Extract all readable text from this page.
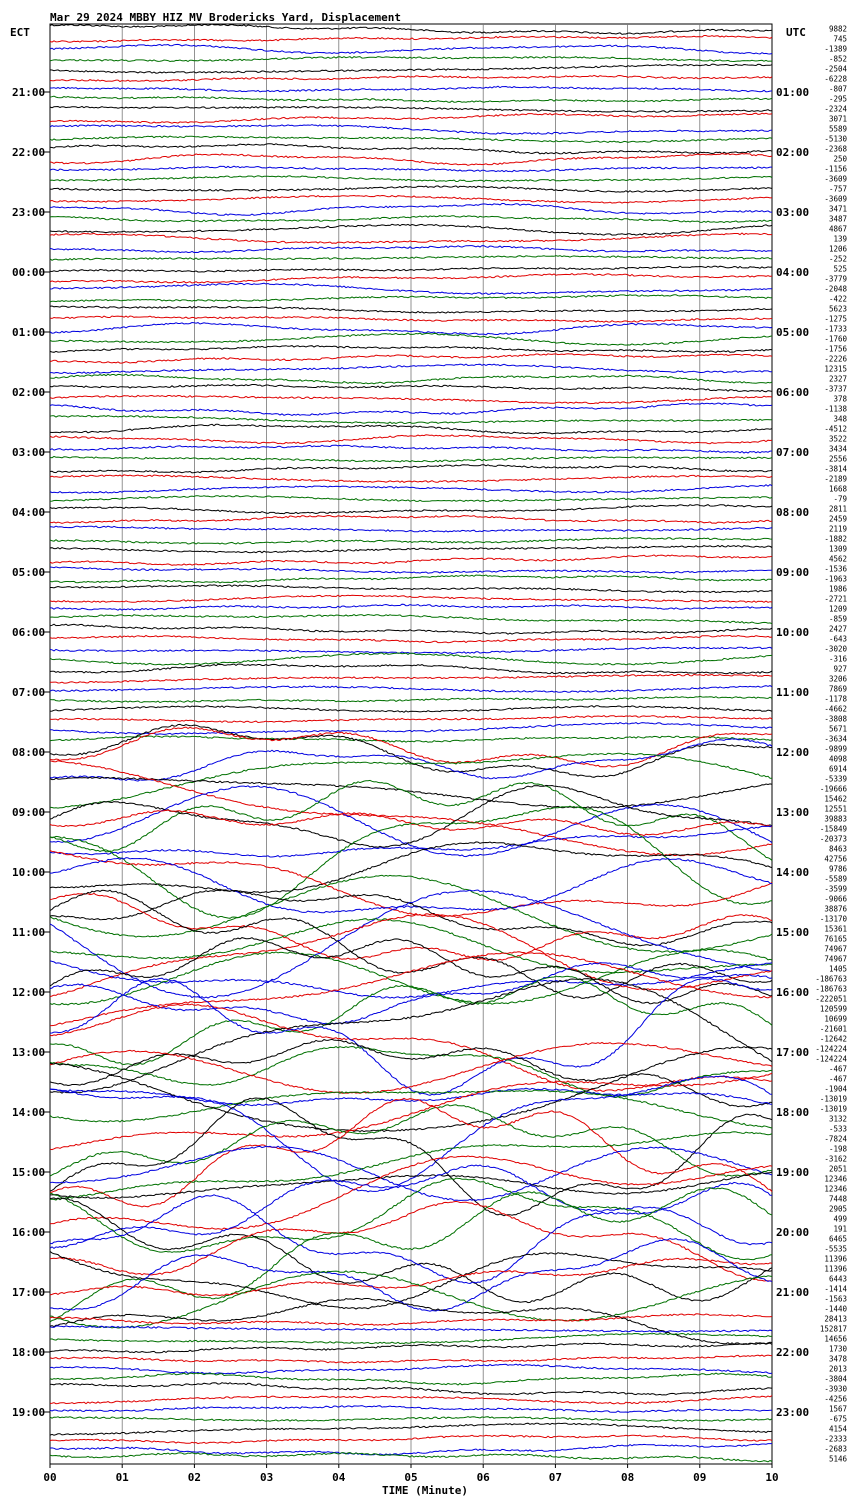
Mar 29 2024 MBBY HIZ MV Brodericks Yard, Displacement
ECT	UTC
21:00
22:00
23:00
00:00
01:00
02:00
03:00
04:00
05:00
06:00
07:00
08:00
09:00
10:00
11:00
12:00
13:00
14:00
15:00
16:00
17:00
18:00
19:00
01:00
02:00
03:00
04:00
05:00
06:00
07:00
08:00
09:00
10:00
11:00
12:00
13:00
14:00
15:00
16:00
17:00
18:00
19:00
20:00
21:00
22:00
23:00
9882
745
-1389
-852
-2504
-6228
-807
-295
-2324
3071
5589
-5130
-2368
250
-1156
-3609
-757
-3609
3471
3487
4867
139
1206
-252
525
-3779
-2048
-422
5623
-1275
-1733
-1760
-1756
-2226
12315
2327
-3737
378
-1138
348
-4512
3522
3434
2556
-3814
-2189
1668
-79
2811
2459
2119
-1882
1309
4562
-1536
-1963
1986
-2721
1209
-859
2427
-643
-3020
-316
927
3206
7869
-1178
-4662
-3808
5671
-3634
-9899
4098
6914
-5339
-19666
15462
12551
39883
-15849
-20373
8463
42756
9786
-5589
-3599
-9066
38876
-13170
15361
76165
74967
74967
1405
-186763
-186763
-222051
120599
10699
-21601
-12642
-124224
-124224
-467
-467
-1904
-13019
-13019
3132
-533
-7824
-198
-3162
2051
12346
12346
7448
2905
499
191
6465
-5535
11396
11396
6443
-1414
-1563
-1440
28413
152817
14656
1730
3478
2013
-3804
-3930
-4256
1567
-675
4154
-2333
-2683
5146
00	01	02	03	04	05	06	07	08	09	10
TIME (Minute)
